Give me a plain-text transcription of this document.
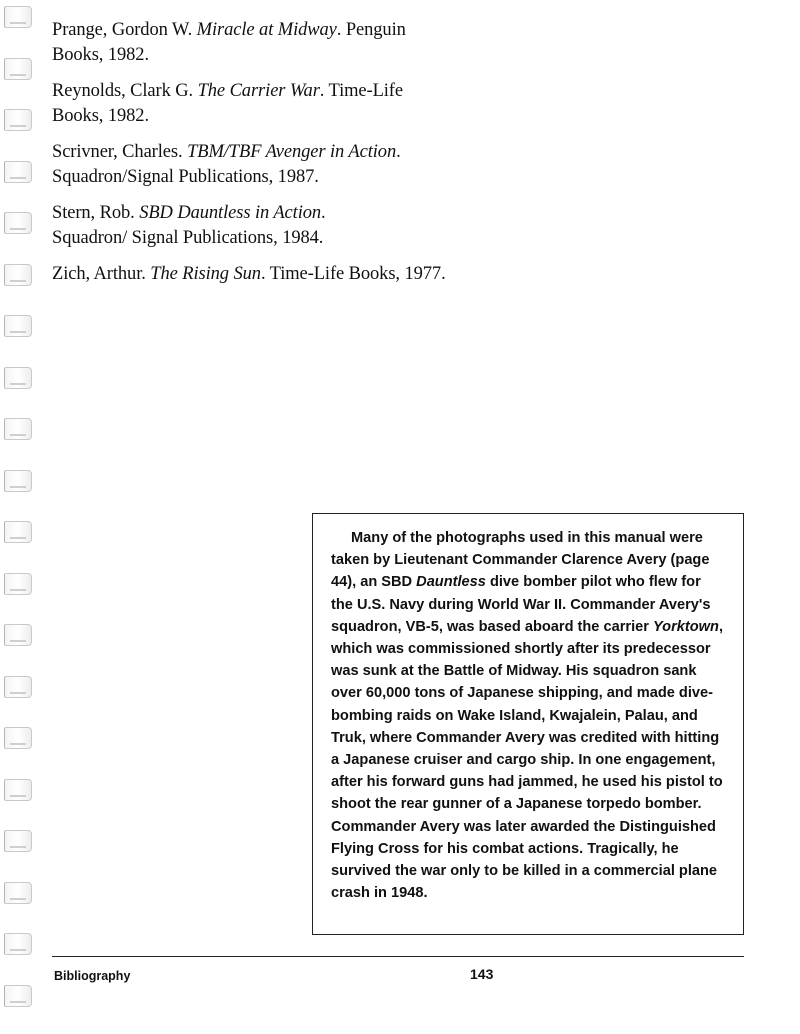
Prange, Gordon W. Miracle at Midway. Penguin
Books, 1982.

Reynolds, Clark G. The Carrier War. Time-Life
Books, 1982.

Scrivner, Charles. TBM/TBF Avenger in Action.
Squadron/Signal Publications, 1987.

Stern, Rob. SBD Dauntless in Action.
Squadron/ Signal Publications, 1984.

Zich, Arthur. The Rising Sun. Time-Life Books, 1977.

Many of the photographs used in this manual were taken by Lieutenant Commander Clarence Avery (page 44), an SBD Dauntless dive bomber pilot who flew for the U.S. Navy during World War II. Commander Avery's squadron, VB-5, was based aboard the carrier Yorktown, which was commissioned shortly after its predecessor was sunk at the Battle of Midway. His squadron sank over 60,000 tons of Japanese shipping, and made dive-bombing raids on Wake Island, Kwajalein, Palau, and Truk, where Commander Avery was credited with hitting a Japanese cruiser and cargo ship. In one engagement, after his forward guns had jammed, he used his pistol to shoot the rear gunner of a Japanese torpedo bomber. Commander Avery was later awarded the Distinguished Flying Cross for his combat actions. Tragically, he survived the war only to be killed in a commercial plane crash in 1948.

Bibliography	143
